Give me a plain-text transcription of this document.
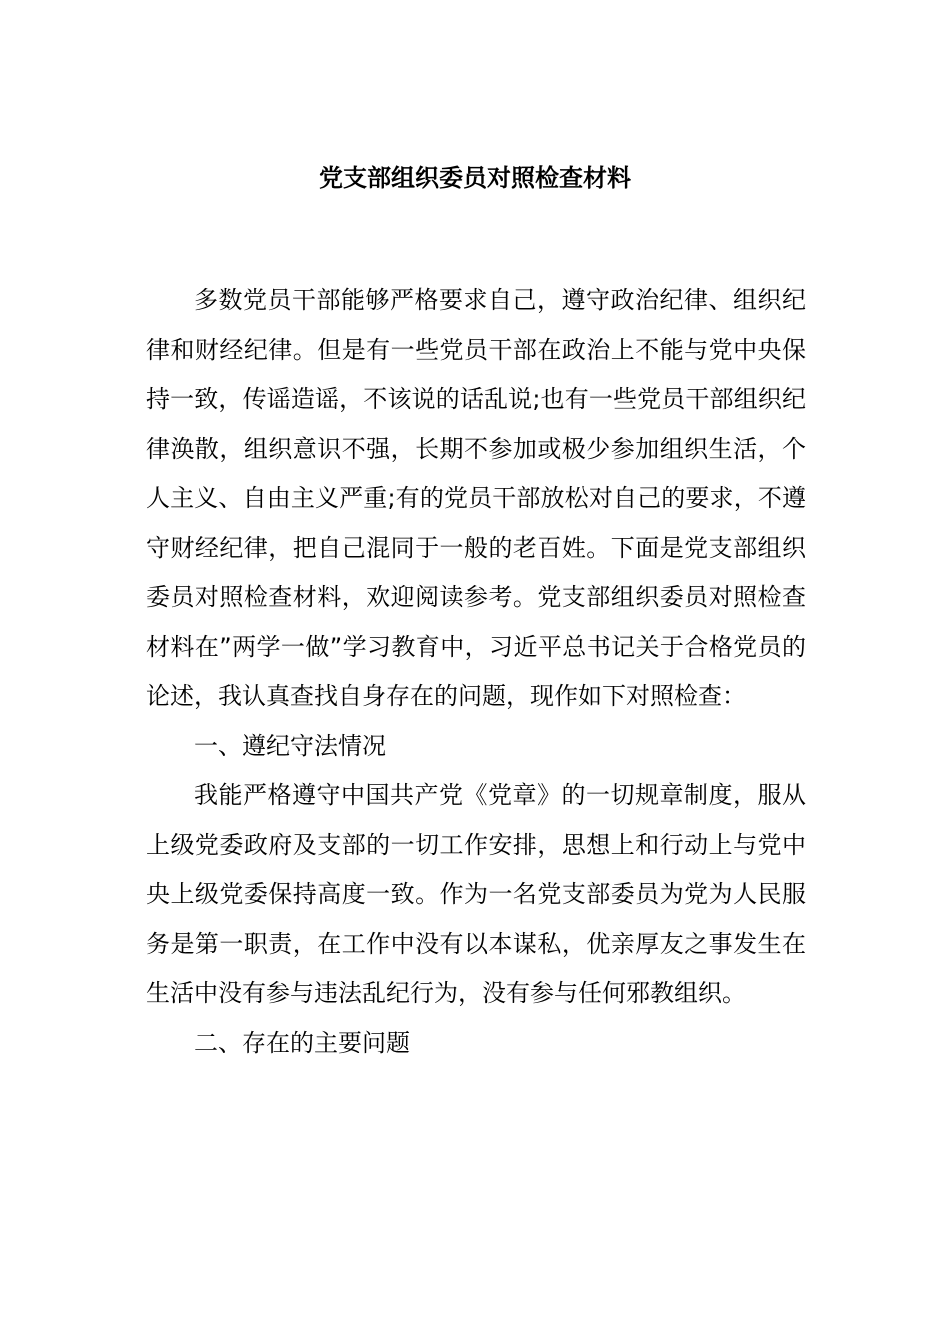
党支部组织委员对照检查材料

多数党员干部能够严格要求自己，遵守政治纪律、组织纪律和财经纪律。但是有一些党员干部在政治上不能与党中央保持一致，传谣造谣，不该说的话乱说;也有一些党员干部组织纪律涣散，组织意识不强，长期不参加或极少参加组织生活，个人主义、自由主义严重;有的党员干部放松对自己的要求，不遵守财经纪律，把自己混同于一般的老百姓。下面是党支部组织委员对照检查材料，欢迎阅读参考。党支部组织委员对照检查材料在”两学一做”学习教育中，习近平总书记关于合格党员的论述，我认真查找自身存在的问题，现作如下对照检查：

一、遵纪守法情况

我能严格遵守中国共产党《党章》的一切规章制度，服从上级党委政府及支部的一切工作安排，思想上和行动上与党中央上级党委保持高度一致。作为一名党支部委员为党为人民服务是第一职责，在工作中没有以本谋私，优亲厚友之事发生在生活中没有参与违法乱纪行为，没有参与任何邪教组织。

二、存在的主要问题
